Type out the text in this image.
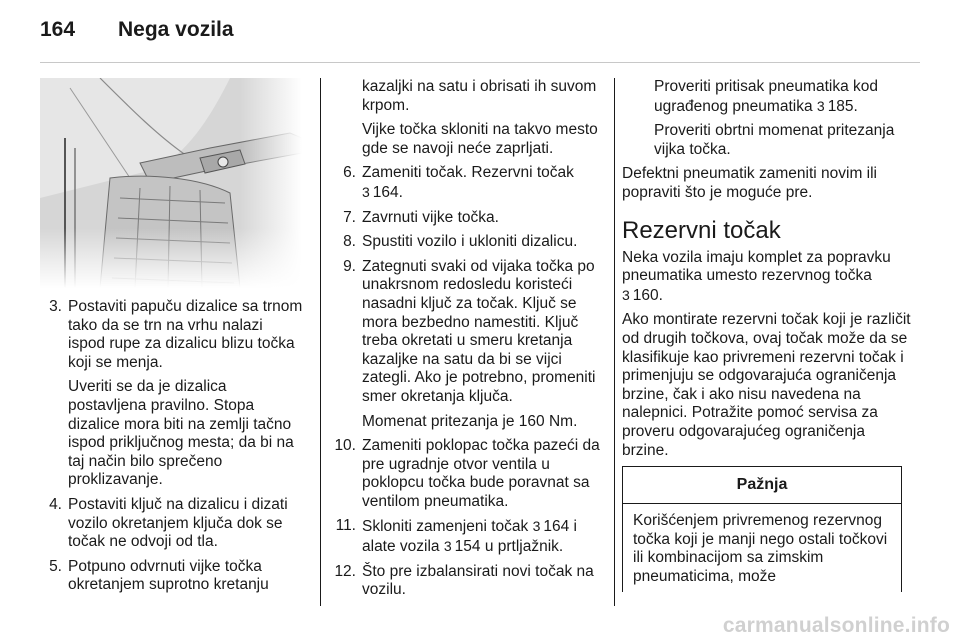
164 Nega vozila
3. Postaviti papuču dizalice sa trnom tako da se trn na vrhu nalazi ispod rupe za dizalicu blizu točka koji se menja.
Uveriti se da je dizalica postavljena pravilno. Stopa dizalice mora biti na zemlji tačno ispod priključnog mesta; da bi na taj način bilo sprečeno proklizavanje.
4. Postaviti ključ na dizalicu i dizati vozilo okretanjem ključa dok se točak ne odvoji od tla.
5. Potpuno odvrnuti vijke točka okretanjem suprotno kretanju
kazaljki na satu i obrisati ih suvom krpom.
Vijke točka skloniti na takvo mesto gde se navoji neće zaprljati.
6. Zameniti točak. Rezervni točak
3 164.
7. Zavrnuti vijke točka.
8. Spustiti vozilo i ukloniti dizalicu.
9. Zategnuti svaki od vijaka točka po unakrsnom redosledu koristeći nasadni ključ za točak. Ključ se mora bezbedno namestiti. Ključ treba okretati u smeru kretanja kazaljke na satu da bi se vijci zategli. Ako je potrebno, promeniti smer okretanja ključa.
Momenat pritezanja je 160 Nm.
10. Zameniti poklopac točka pazeći da pre ugradnje otvor ventila u poklopcu točka bude poravnat sa ventilom pneumatika.
11. Skloniti zamenjeni točak 3 164 i alate vozila 3 154 u prtljažnik.
12. Što pre izbalansirati novi točak na vozilu.
Proveriti pritisak pneumatika kod ugrađenog pneumatika 3 185.
Proveriti obrtni momenat pritezanja vijka točka.
Defektni pneumatik zameniti novim ili popraviti što je moguće pre.
Rezervni točak
Neka vozila imaju komplet za popravku pneumatika umesto rezervnog točka 3 160.
Ako montirate rezervni točak koji je različit od drugih točkova, ovaj točak može da se klasifikuje kao privremeni rezervni točak i primenjuju se odgovarajuća ograničenja brzine, čak i ako nisu navedena na nalepnici. Potražite pomoć servisa za proveru odgovarajućeg ograničenja brzine.
Pažnja
Korišćenjem privremenog rezervnog točka koji je manji nego ostali točkovi ili kombinacijom sa zimskim pneumaticima, može
carmanualsonline.info
